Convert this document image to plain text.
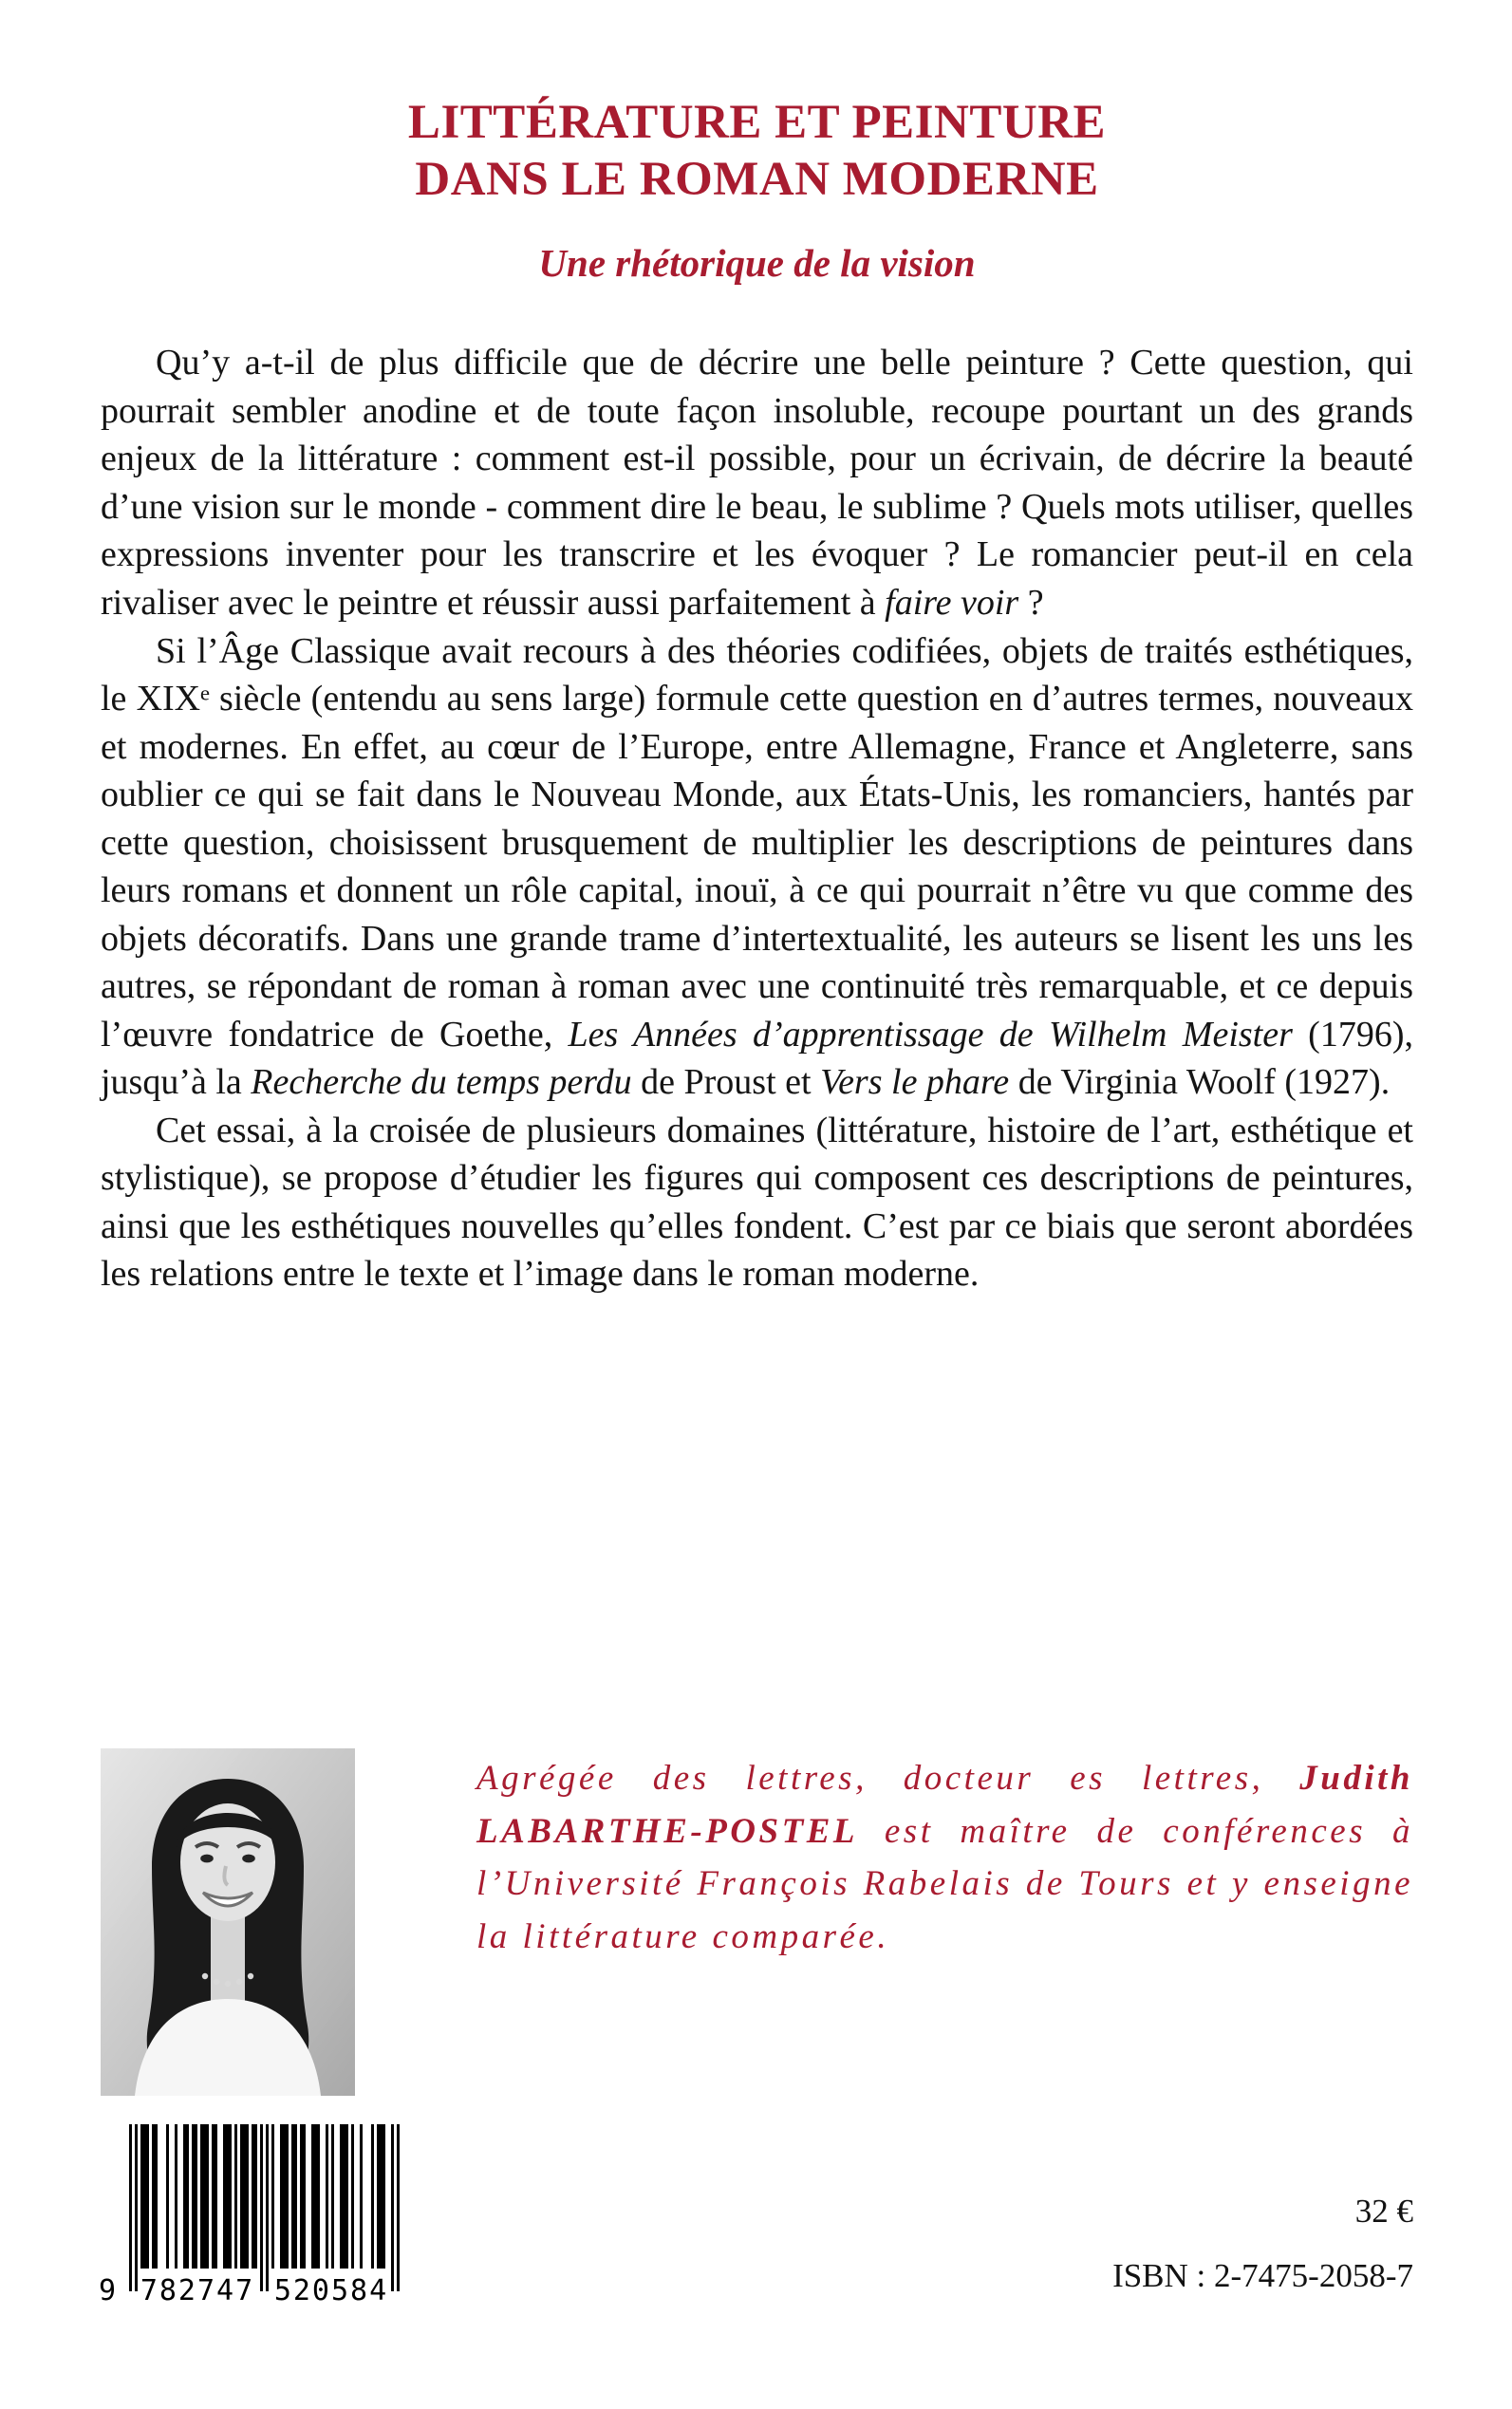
LITTÉRATURE ET PEINTURE
DANS LE ROMAN MODERNE
Une rhétorique de la vision

Qu’y a-t-il de plus difficile que de décrire une belle peinture ? Cette question, qui pourrait sembler anodine et de toute façon insoluble, recoupe pourtant un des grands enjeux de la littérature : comment est-il possible, pour un écrivain, de décrire la beauté d’une vision sur le monde - comment dire le beau, le sublime ? Quels mots utiliser, quelles expressions inventer pour les transcrire et les évoquer ? Le romancier peut-il en cela rivaliser avec le peintre et réussir aussi parfaitement à faire voir ?

Si l’Âge Classique avait recours à des théories codifiées, objets de traités esthétiques, le XIXᵉ siècle (entendu au sens large) formule cette question en d’autres termes, nouveaux et modernes. En effet, au cœur de l’Europe, entre Allemagne, France et Angleterre, sans oublier ce qui se fait dans le Nouveau Monde, aux États-Unis, les romanciers, hantés par cette question, choisissent brusquement de multiplier les descriptions de peintures dans leurs romans et donnent un rôle capital, inouï, à ce qui pourrait n’être vu que comme des objets décoratifs. Dans une grande trame d’intertextualité, les auteurs se lisent les uns les autres, se répondant de roman à roman avec une continuité très remarquable, et ce depuis l’œuvre fondatrice de Goethe, Les Années d’apprentissage de Wilhelm Meister (1796), jusqu’à la Recherche du temps perdu de Proust et Vers le phare de Virginia Woolf (1927).

Cet essai, à la croisée de plusieurs domaines (littérature, histoire de l’art, esthétique et stylistique), se propose d’étudier les figures qui composent ces descriptions de peintures, ainsi que les esthétiques nouvelles qu’elles fondent. C’est par ce biais que seront abordées les relations entre le texte et l’image dans le roman moderne.

Agrégée des lettres, docteur es lettres, Judith LABARTHE-POSTEL est maître de conférences à l’Université François Rabelais de Tours et y enseigne la littérature comparée.
9 782747 520584
32 €
ISBN : 2-7475-2058-7
